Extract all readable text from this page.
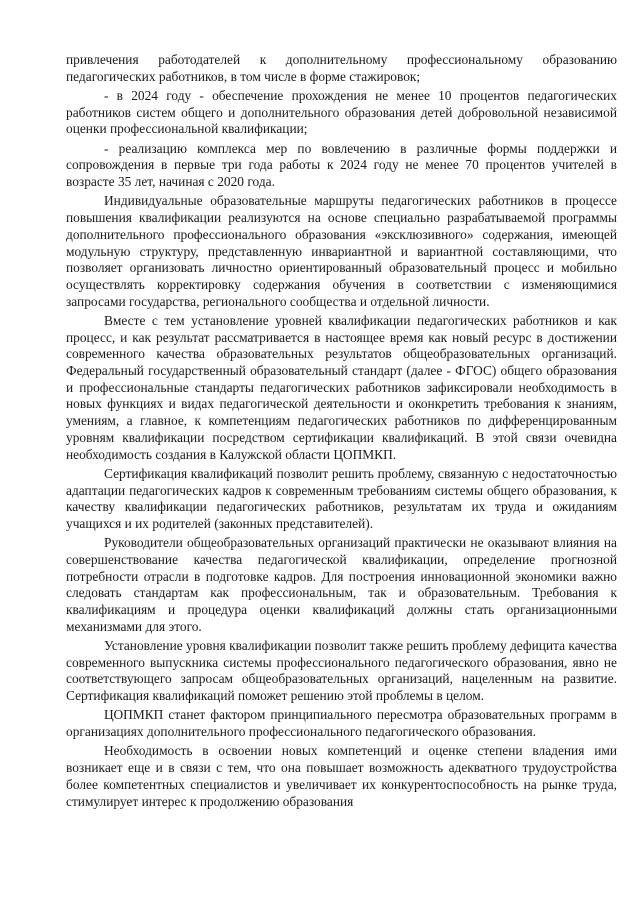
привлечения работодателей к дополнительному профессиональному образованию педагогических работников, в том числе в форме стажировок;

- в 2024 году - обеспечение прохождения не менее 10 процентов педагогических работников систем общего и дополнительного образования детей добровольной независимой оценки профессиональной квалификации;

- реализацию комплекса мер по вовлечению в различные формы поддержки и сопровождения в первые три года работы к 2024 году не менее 70 процентов учителей в возрасте 35 лет, начиная с 2020 года.

Индивидуальные образовательные маршруты педагогических работников в процессе повышения квалификации реализуются на основе специально разрабатываемой программы дополнительного профессионального образования «эксклюзивного» содержания, имеющей модульную структуру, представленную инвариантной и вариантной составляющими, что позволяет организовать личностно ориентированный образовательный процесс и мобильно осуществлять корректировку содержания обучения в соответствии с изменяющимися запросами государства, регионального сообщества и отдельной личности.

Вместе с тем установление уровней квалификации педагогических работников и как процесс, и как результат рассматривается в настоящее время как новый ресурс в достижении современного качества образовательных результатов общеобразовательных организаций. Федеральный государственный образовательный стандарт (далее - ФГОС) общего образования и профессиональные стандарты педагогических работников зафиксировали необходимость в новых функциях и видах педагогической деятельности и оконкретить требования к знаниям, умениям, а главное, к компетенциям педагогических работников по дифференцированным уровням квалификации посредством сертификации квалификаций. В этой связи очевидна необходимость создания в Калужской области ЦОПМКП.

Сертификация квалификаций позволит решить проблему, связанную с недостаточностью адаптации педагогических кадров к современным требованиям системы общего образования, к качеству квалификации педагогических работников, результатам их труда и ожиданиям учащихся и их родителей (законных представителей).

Руководители общеобразовательных организаций практически не оказывают влияния на совершенствование качества педагогической квалификации, определение прогнозной потребности отрасли в подготовке кадров. Для построения инновационной экономики важно следовать стандартам как профессиональным, так и образовательным. Требования к квалификациям и процедура оценки квалификаций должны стать организационными механизмами для этого.

Установление уровня квалификации позволит также решить проблему дефицита качества современного выпускника системы профессионального педагогического образования, явно не соответствующего запросам общеобразовательных организаций, нацеленным на развитие. Сертификация квалификаций поможет решению этой проблемы в целом.

ЦОПМКП станет фактором принципиального пересмотра образовательных программ в организациях дополнительного профессионального педагогического образования.

Необходимость в освоении новых компетенций и оценке степени владения ими возникает еще и в связи с тем, что она повышает возможность адекватного трудоустройства более компетентных специалистов и увеличивает их конкурентоспособность на рынке труда, стимулирует интерес к продолжению образования
